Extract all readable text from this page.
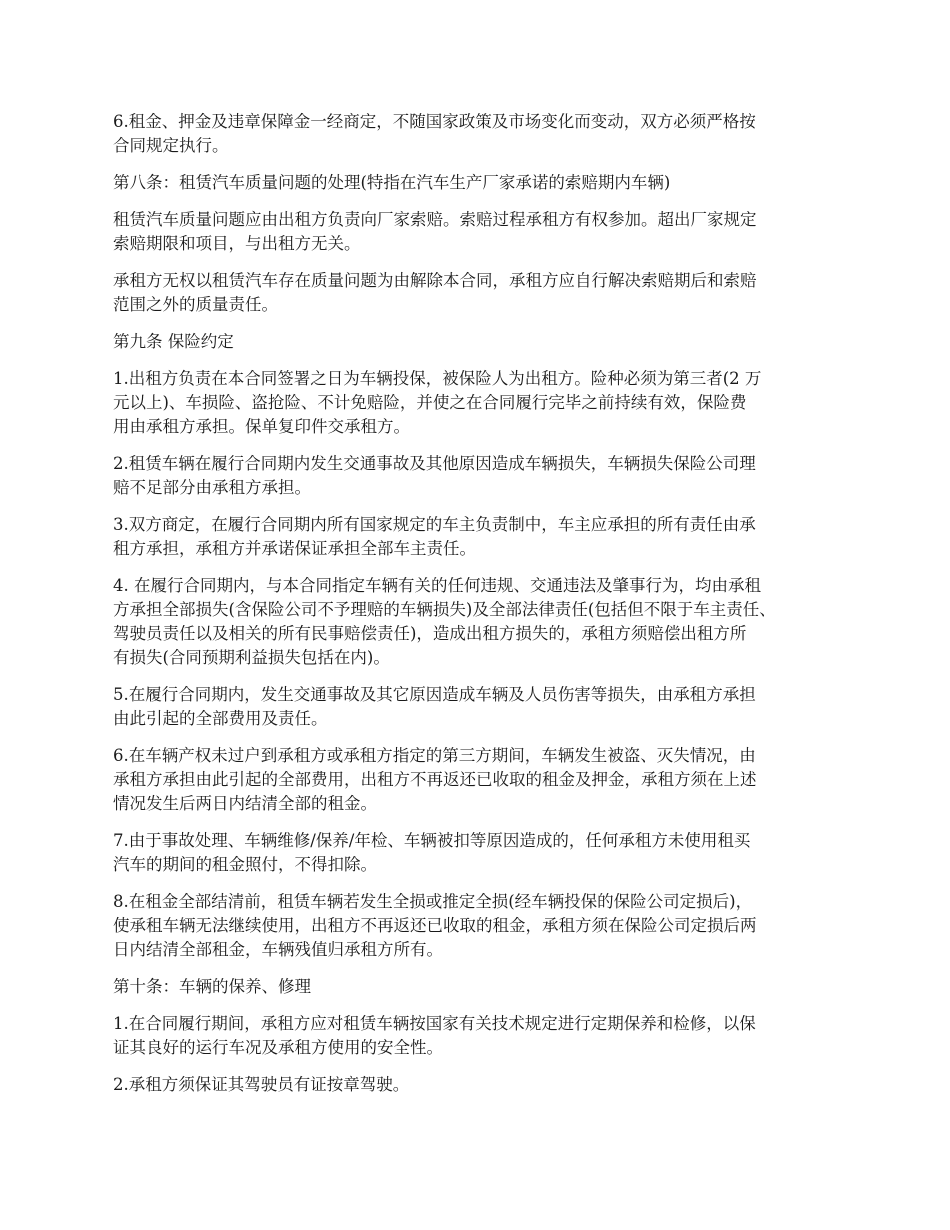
6.租金、押金及违章保障金一经商定，不随国家政策及市场变化而变动，双方必须严格按
合同规定执行。

第八条：租赁汽车质量问题的处理(特指在汽车生产厂家承诺的索赔期内车辆)

租赁汽车质量问题应由出租方负责向厂家索赔。索赔过程承租方有权参加。超出厂家规定
索赔期限和项目，与出租方无关。

承租方无权以租赁汽车存在质量问题为由解除本合同，承租方应自行解决索赔期后和索赔
范围之外的质量责任。

第九条 保险约定

1.出租方负责在本合同签署之日为车辆投保，被保险人为出租方。险种必须为第三者(2 万
元以上)、车损险、盗抢险、不计免赔险，并使之在合同履行完毕之前持续有效，保险费
用由承租方承担。保单复印件交承租方。

2.租赁车辆在履行合同期内发生交通事故及其他原因造成车辆损失，车辆损失保险公司理
赔不足部分由承租方承担。

3.双方商定，在履行合同期内所有国家规定的车主负责制中，车主应承担的所有责任由承
租方承担，承租方并承诺保证承担全部车主责任。

4. 在履行合同期内，与本合同指定车辆有关的任何违规、交通违法及肇事行为，均由承租
方承担全部损失(含保险公司不予理赔的车辆损失)及全部法律责任(包括但不限于车主责任、
驾驶员责任以及相关的所有民事赔偿责任)，造成出租方损失的，承租方须赔偿出租方所
有损失(合同预期利益损失包括在内)。

5.在履行合同期内，发生交通事故及其它原因造成车辆及人员伤害等损失，由承租方承担
由此引起的全部费用及责任。

6.在车辆产权未过户到承租方或承租方指定的第三方期间，车辆发生被盗、灭失情况，由
承租方承担由此引起的全部费用，出租方不再返还已收取的租金及押金，承租方须在上述
情况发生后两日内结清全部的租金。

7.由于事故处理、车辆维修/保养/年检、车辆被扣等原因造成的，任何承租方未使用租买
汽车的期间的租金照付，不得扣除。

8.在租金全部结清前，租赁车辆若发生全损或推定全损(经车辆投保的保险公司定损后)，
使承租车辆无法继续使用，出租方不再返还已收取的租金，承租方须在保险公司定损后两
日内结清全部租金，车辆残值归承租方所有。

第十条：车辆的保养、修理

1.在合同履行期间，承租方应对租赁车辆按国家有关技术规定进行定期保养和检修，以保
证其良好的运行车况及承租方使用的安全性。

2.承租方须保证其驾驶员有证按章驾驶。
